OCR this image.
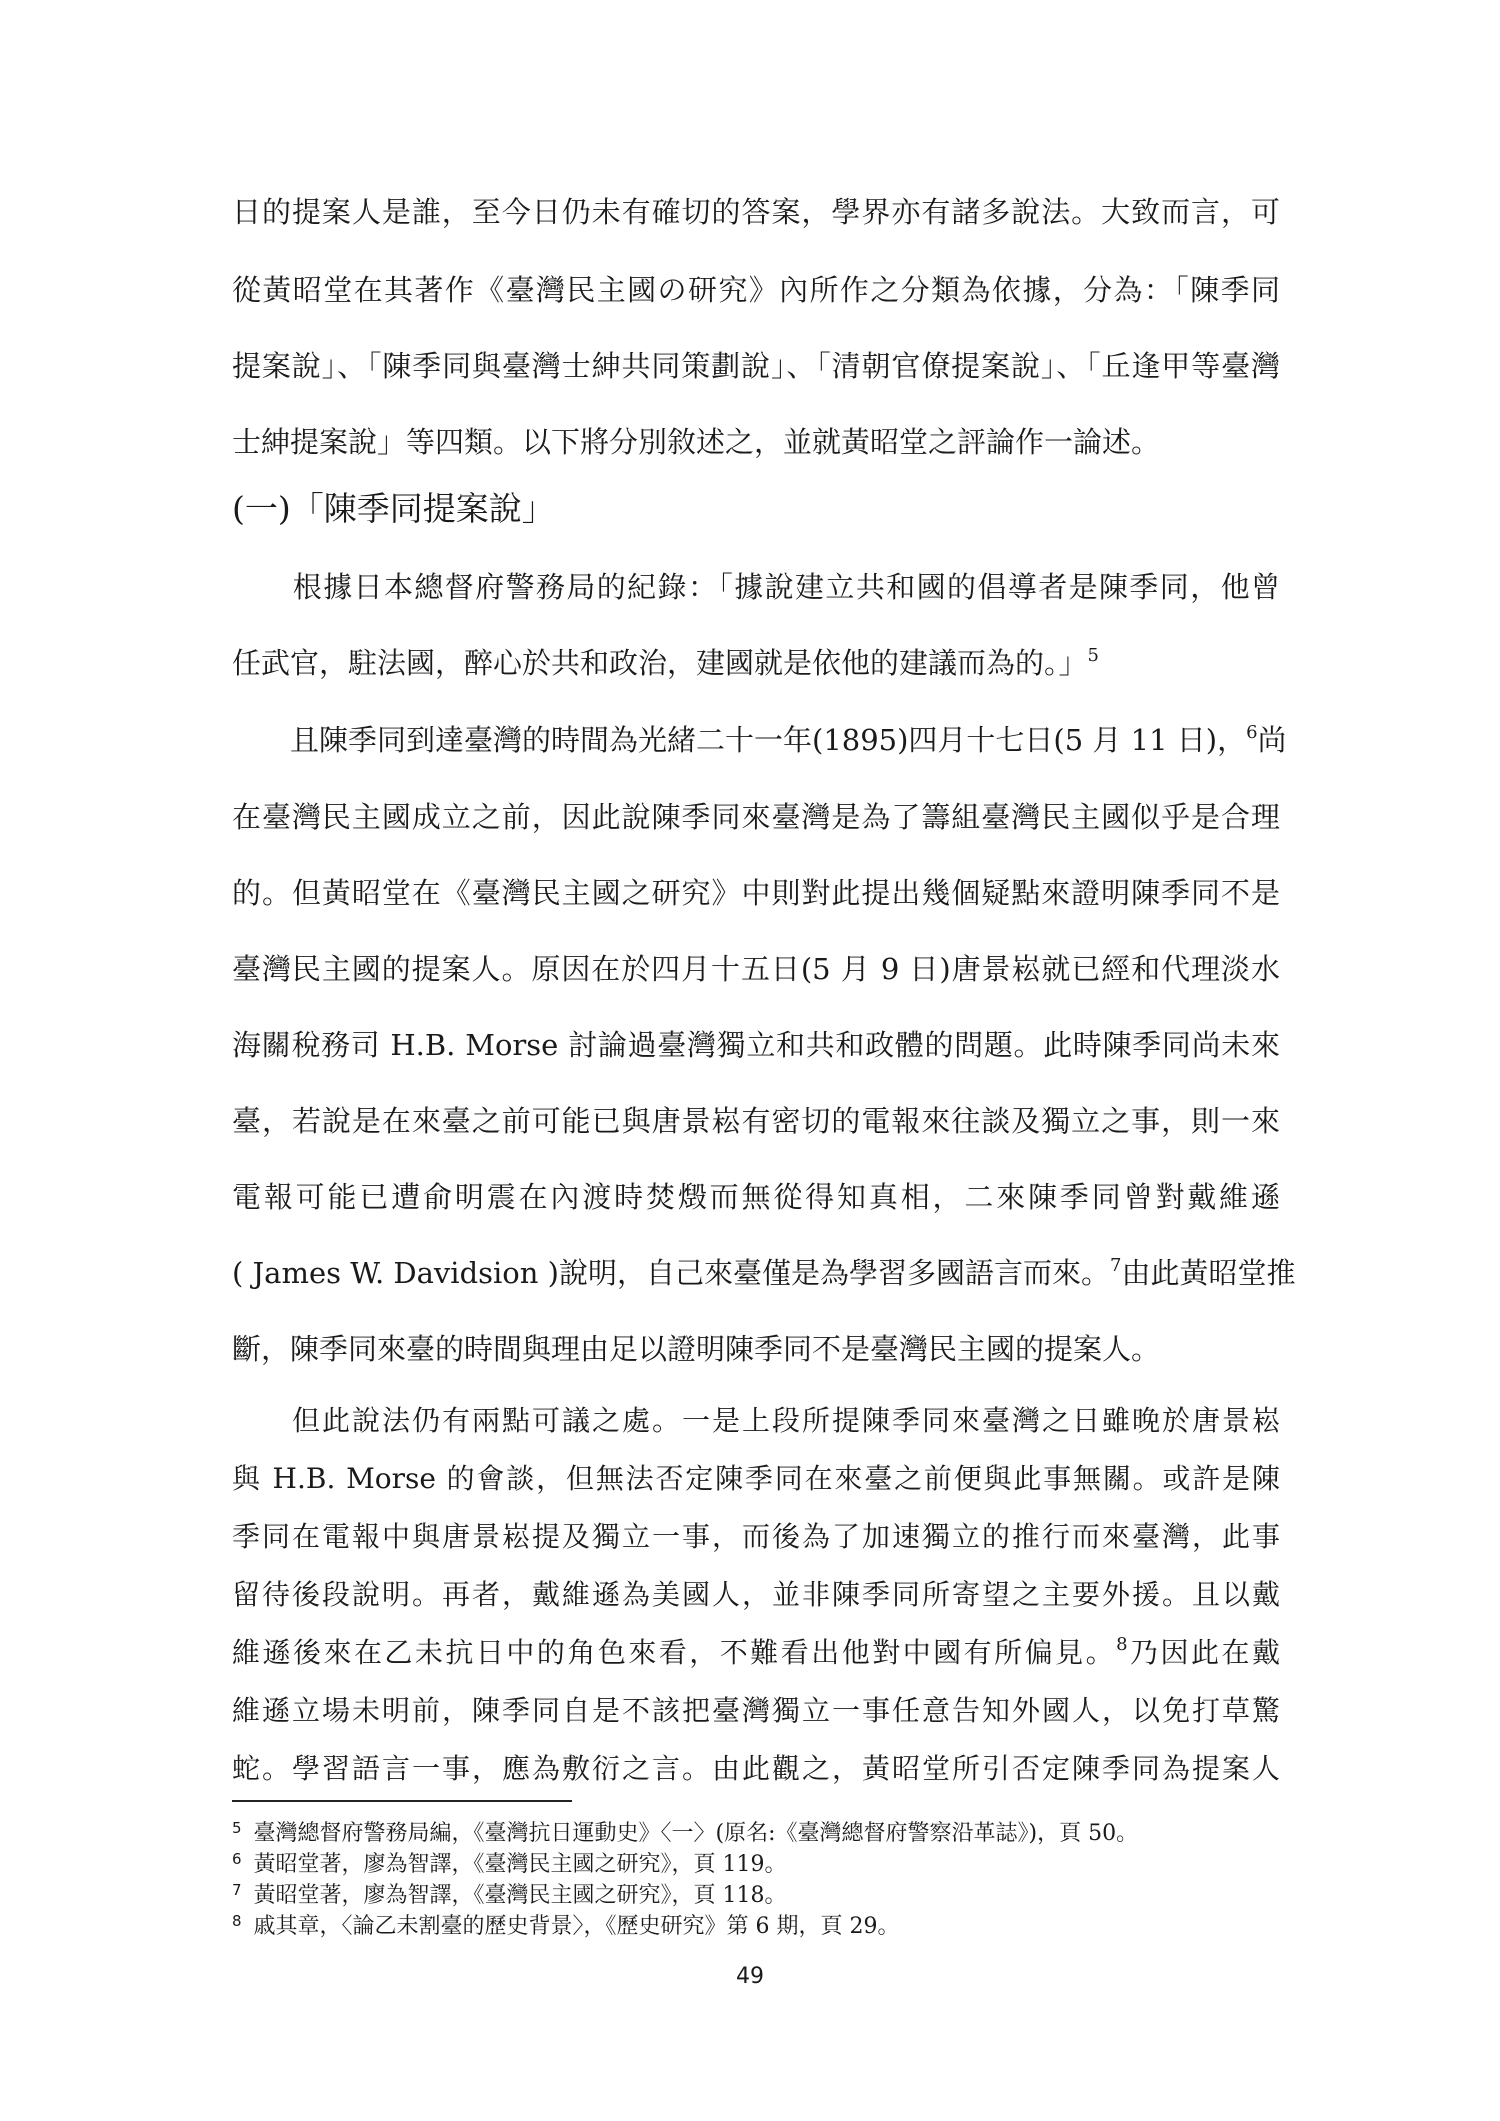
日的提案人是誰，至今日仍未有確切的答案，學界亦有諸多說法。大致而言，可
從黃昭堂在其著作《臺灣民主國の研究》內所作之分類為依據，分為：「陳季同
提案說」、「陳季同與臺灣士紳共同策劃說」、「清朝官僚提案說」、「丘逢甲等臺灣
士紳提案說」等四類。以下將分別敘述之，並就黃昭堂之評論作一論述。
(一)「陳季同提案說」
　　根據日本總督府警務局的紀錄：「據說建立共和國的倡導者是陳季同，他曾
任武官，駐法國，醉心於共和政治，建國就是依他的建議而為的。」$^5$
　　且陳季同到達臺灣的時間為光緒二十一年(1895)四月十七日(5 月 11 日)，$^6$尚
在臺灣民主國成立之前，因此說陳季同來臺灣是為了籌組臺灣民主國似乎是合理
的。但黃昭堂在《臺灣民主國之研究》中則對此提出幾個疑點來證明陳季同不是
臺灣民主國的提案人。原因在於四月十五日(5 月 9 日)唐景崧就已經和代理淡水
海關稅務司 H.B. Morse 討論過臺灣獨立和共和政體的問題。此時陳季同尚未來
臺，若說是在來臺之前可能已與唐景崧有密切的電報來往談及獨立之事，則一來
電報可能已遭俞明震在內渡時焚燬而無從得知真相，二來陳季同曾對戴維遜
( James W. Davidsion )說明，自己來臺僅是為學習多國語言而來。$^7$由此黃昭堂推
斷，陳季同來臺的時間與理由足以證明陳季同不是臺灣民主國的提案人。
　　但此說法仍有兩點可議之處。一是上段所提陳季同來臺灣之日雖晚於唐景崧
與 H.B. Morse 的會談，但無法否定陳季同在來臺之前便與此事無關。或許是陳
季同在電報中與唐景崧提及獨立一事，而後為了加速獨立的推行而來臺灣，此事
留待後段說明。再者，戴維遜為美國人，並非陳季同所寄望之主要外援。且以戴
維遜後來在乙未抗日中的角色來看，不難看出他對中國有所偏見。$^8$乃因此在戴
維遜立場未明前，陳季同自是不該把臺灣獨立一事任意告知外國人，以免打草驚
蛇。學習語言一事，應為敷衍之言。由此觀之，黃昭堂所引否定陳季同為提案人
$^5$ 臺灣總督府警務局編，《臺灣抗日運動史》〈一〉(原名:《臺灣總督府警察沿革誌》)，頁 50。
$^6$ 黃昭堂著，廖為智譯，《臺灣民主國之研究》，頁 119。
$^7$ 黃昭堂著，廖為智譯，《臺灣民主國之研究》，頁 118。
$^8$ 戚其章，〈論乙未割臺的歷史背景〉，《歷史研究》第 6 期，頁 29。
49
